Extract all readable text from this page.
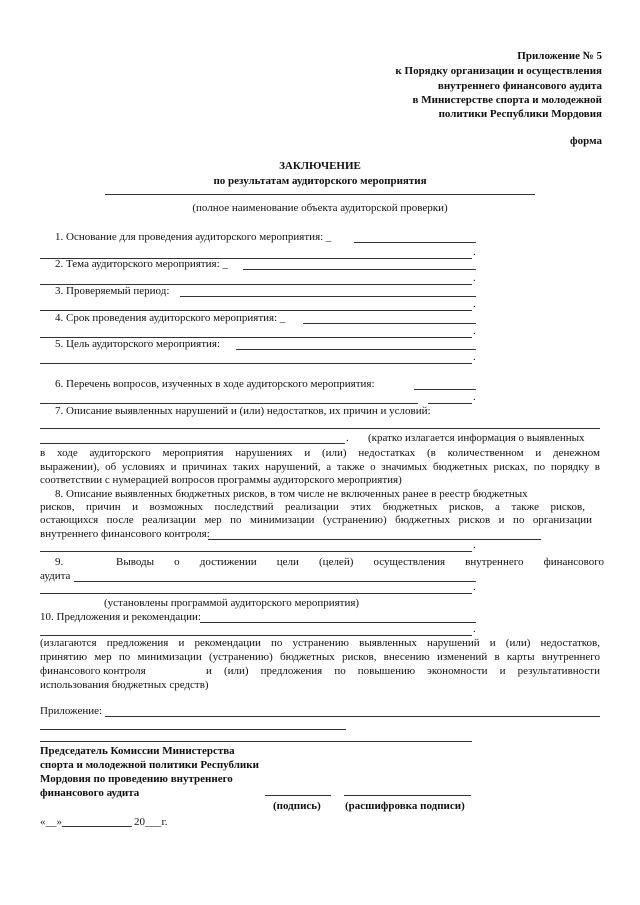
Приложение № 5
к Порядку организации и осуществления
внутреннего финансового аудита
в Министерстве спорта и молодежной
политики Республики Мордовия
форма
ЗАКЛЮЧЕНИЕ
по результатам аудиторского мероприятия
(полное наименование объекта аудиторской проверки)
1. Основание для проведения аудиторского мероприятия: _
.
2. Тема аудиторского мероприятия: _
.
3. Проверяемый период:
.
4. Срок проведения аудиторского мероприятия: _
.
5. Цель аудиторского мероприятия:
.
6. Перечень вопросов, изученных в ходе аудиторского мероприятия:
.
7. Описание выявленных нарушений и (или) недостатков, их причин и условий:
. (кратко излагается информация о выявленных
в ходе аудиторского мероприятия нарушениях и (или) недостатках (в количественном и денежном
выражении), об условиях и причинах таких нарушений, а также о значимых бюджетных рисках, по порядку в
соответствии с нумерацией вопросов программы аудиторского мероприятия)
8. Описание выявленных бюджетных рисков, в том числе не включенных ранее в реестр бюджетных
рисков, причин и возможных последствий реализации этих бюджетных рисков, а также рисков,
остающихся после реализации мер по минимизации (устранению) бюджетных рисков и по организации
внутреннего финансового контроля:
.
9.	Выводы о достижении цели (целей) осуществления внутреннего финансового
аудита
.
(установлены программой аудиторского мероприятия)
10. Предложения и рекомендации:
.
(излагаются предложения и рекомендации по устранению выявленных нарушений и (или) недостатков,
принятию мер по минимизации (устранению) бюджетных рисков, внесению изменений в карты внутреннего
финансового контроля	и (или) предложения по повышению экономности и результативности
использования бюджетных средств)
Приложение:
Председатель Комиссии Министерства
спорта и молодежной политики Республики
Мордовия по проведению внутреннего
финансового аудита
(подпись) (расшифровка подписи)
«__»	20___г.
